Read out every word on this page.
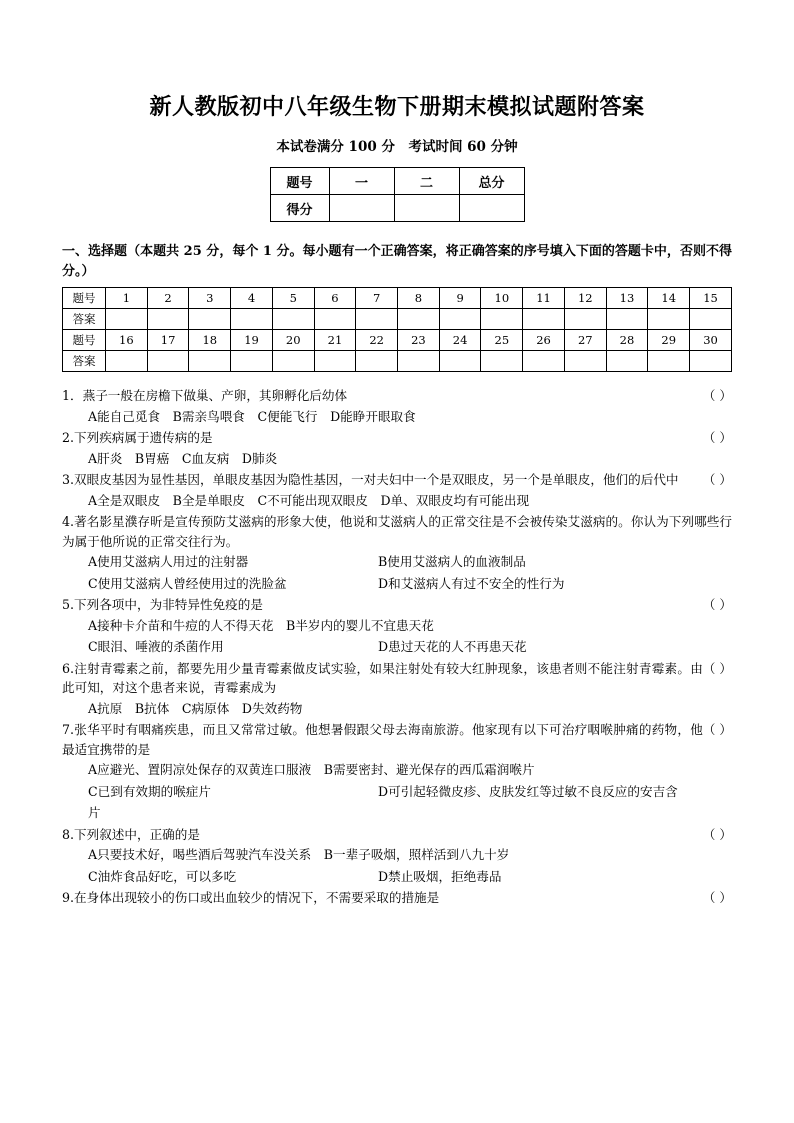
新人教版初中八年级生物下册期末模拟试题附答案
本试卷满分 100 分　考试时间 60 分钟
题号	一	二	总分
得分			
一、选择题（本题共 25 分，每个 1 分。每小题有一个正确答案，将正确答案的序号填入下面的答题卡中，否则不得分。）
题号	1	2	3	4	5	6	7	8	9	10	11	12	13	14	15
答案															
题号	16	17	18	19	20	21	22	23	24	25	26	27	28	29	30
答案															
（ ）
1．燕子一般在房檐下做巢、产卵，其卵孵化后幼体
A能自己觅食　B需亲鸟喂食　C便能飞行　D能睁开眼取食
（ ）
2.下列疾病属于遗传病的是
A肝炎　B胃癌　C血友病　D肺炎
（ ）
3.双眼皮基因为显性基因，单眼皮基因为隐性基因，一对夫妇中一个是双眼皮，另一个是单眼皮，他们的后代中
A全是双眼皮　B全是单眼皮　C不可能出现双眼皮　D单、双眼皮均有可能出现
4.著名影星濮存昕是宣传预防艾滋病的形象大使，他说和艾滋病人的正常交往是不会被传染艾滋病的。你认为下列哪些行为属于他所说的正常交往行为。
A使用艾滋病人用过的注射器	B使用艾滋病人的血液制品
C使用艾滋病人曾经使用过的洗脸盆	D和艾滋病人有过不安全的性行为
（ ）
5.下列各项中，为非特异性免疫的是
A接种卡介苗和牛痘的人不得天花　B半岁内的婴儿不宜患天花
C眼泪、唾液的杀菌作用	D患过天花的人不再患天花
（ ）
6.注射青霉素之前，都要先用少量青霉素做皮试实验，如果注射处有较大红肿现象，该患者则不能注射青霉素。由此可知，对这个患者来说，青霉素成为
A抗原　B抗体　C病原体　D失效药物
（ ）
7.张华平时有咽痛疾患，而且又常常过敏。他想暑假跟父母去海南旅游。他家现有以下可治疗咽喉肿痛的药物，他最适宜携带的是
A应避光、置阴凉处保存的双黄连口服液　B需要密封、避光保存的西瓜霜润喉片
C已到有效期的喉症片	D可引起轻微皮疹、皮肤发红等过敏不良反应的安吉含
片
（ ）
8.下列叙述中，正确的是
A只要技术好，喝些酒后驾驶汽车没关系　B一辈子吸烟，照样活到八九十岁
C油炸食品好吃，可以多吃	D禁止吸烟，拒绝毒品
（ ）
9.在身体出现较小的伤口或出血较少的情况下，不需要采取的措施是
